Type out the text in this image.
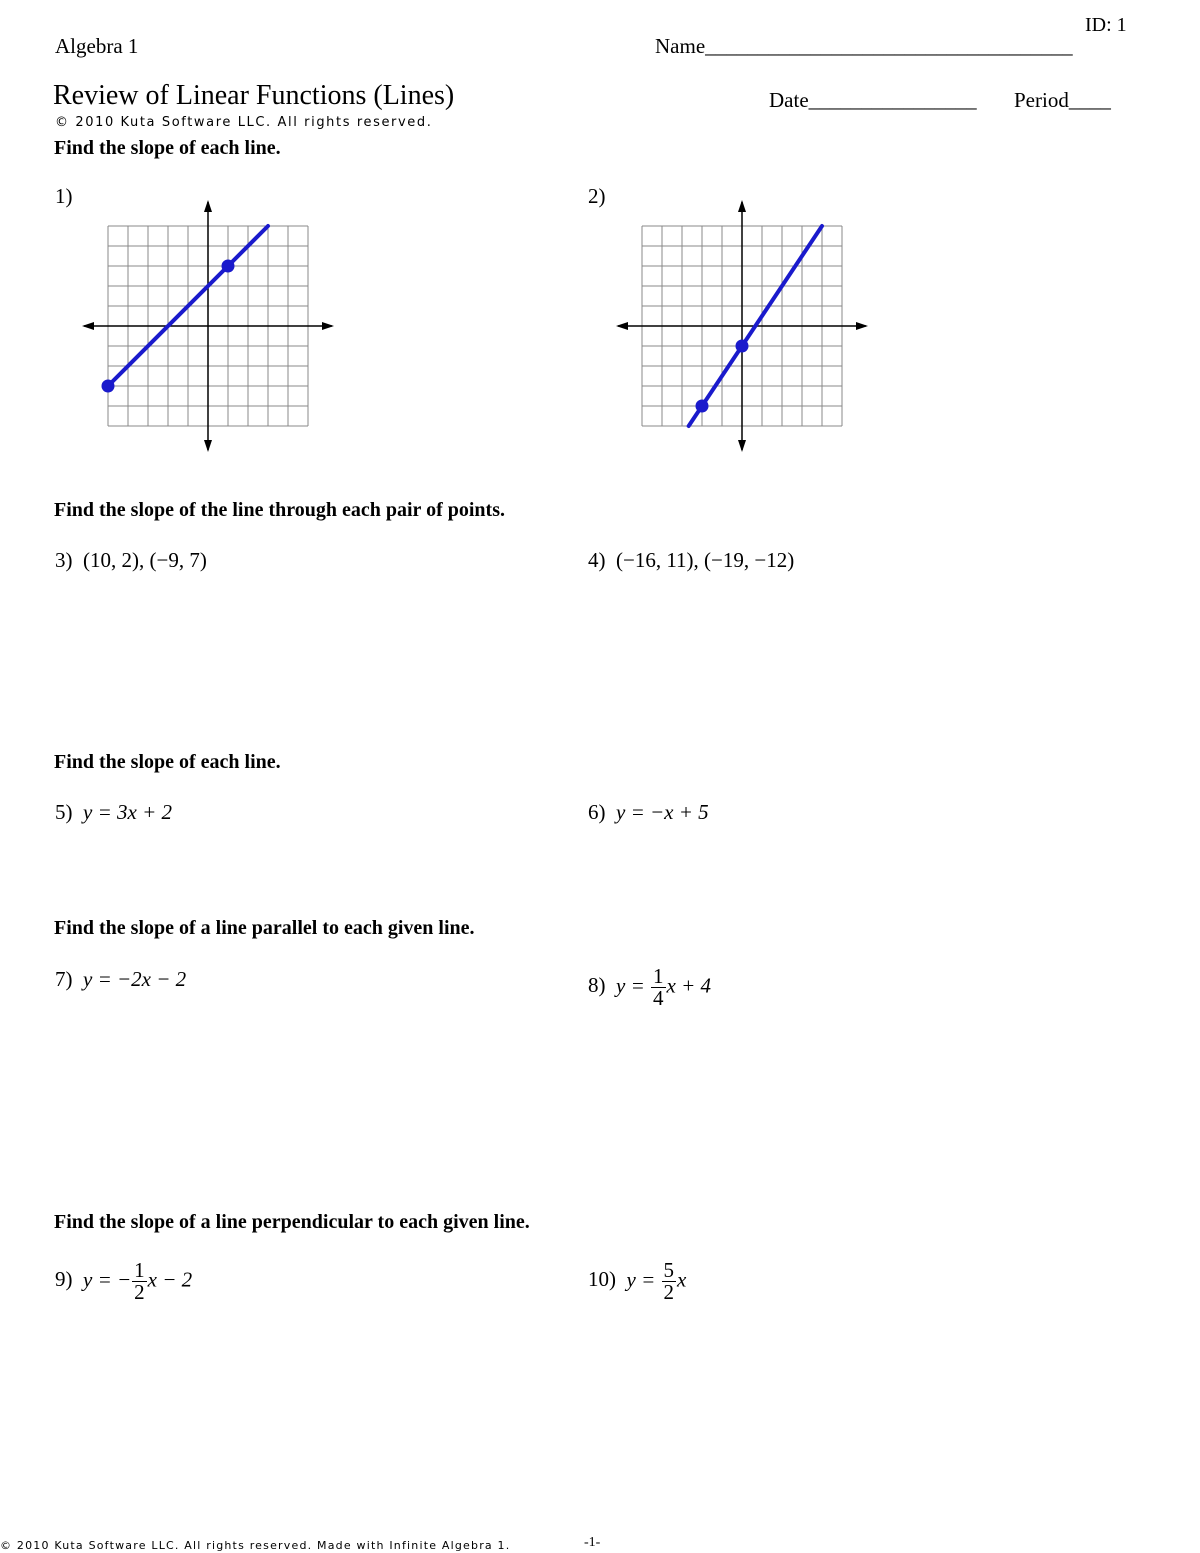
ID: 1
Algebra 1	Name___________________________________
Review of Linear Functions (Lines)	Date________________ Period____
© 2010 Kuta Software LLC. All rights reserved.
Find the slope of each line.
1)	2)
Find the slope of the line through each pair of points.
3) (10, 2), (−9, 7)	4) (−16, 11), (−19, −12)
Find the slope of each line.
5) y = 3x + 2	6) y = −x + 5
Find the slope of a line parallel to each given line.
7) y = −2x − 2	8) $y = \frac{1}{4}$ x + 4
Find the slope of a line perpendicular to each given line.
9) y = − $\frac{1}{2}$ x − 2	10) $y = \frac{5}{2}$ x
© 2010 Kuta Software LLC. All rights reserved. Made with Infinite Algebra 1.	-1-
